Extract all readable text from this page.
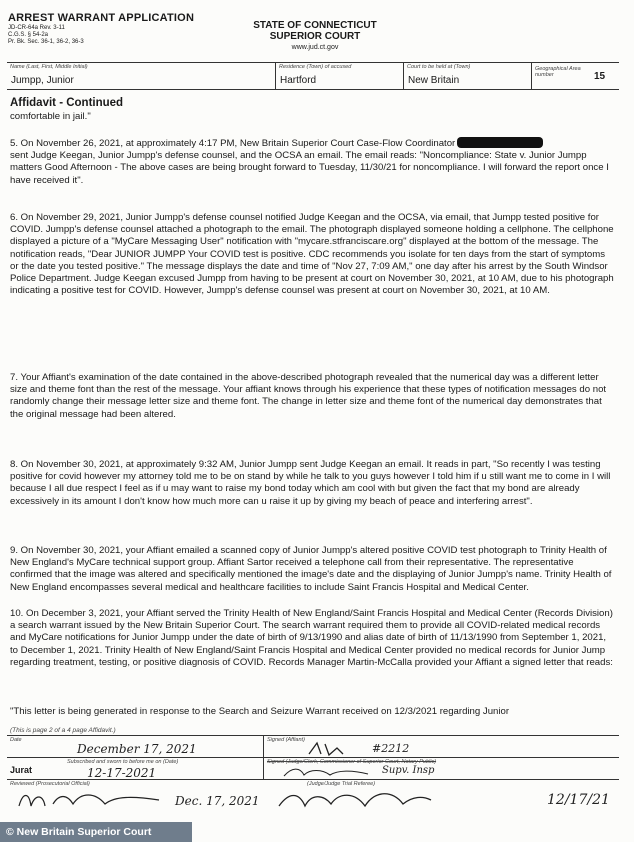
ARREST WARRANT APPLICATION
JD-CR-64a Rev. 3-11
C.G.S. § 54-2a
Pr. Bk. Sec. 36-1, 36-2, 36-3
STATE OF CONNECTICUT
SUPERIOR COURT
www.jud.ct.gov
Name (Last, First, Middle Initial)
Jumpp, Junior
Residence (Town) of accused
Hartford
Court to be held at (Town)
New Britain
Geographical Area number	15
Affidavit - Continued
comfortable in jail."

5. On November 26, 2021, at approximately 4:17 PM, New Britain Superior Court Case-Flow Coordinator

sent Judge Keegan, Junior Jumpp's defense counsel, and the OCSA an email. The email reads: "Noncompliance: State v. Junior Jumpp matters Good Afternoon - The above cases are being brought forward to Tuesday, 11/30/21 for noncompliance. I will forward the report once I have received it".

6. On November 29, 2021, Junior Jumpp's defense counsel notified Judge Keegan and the OCSA, via email, that Jumpp tested positive for COVID. Jumpp's defense counsel attached a photograph to the email. The photograph displayed someone holding a cellphone. The cellphone displayed a picture of a "MyCare Messaging User" notification with "mycare.stfranciscare.org" displayed at the bottom of the message. The notification reads, "Dear JUNIOR JUMPP Your COVID test is positive. CDC recommends you isolate for ten days from the start of symptoms or the date you tested positive." The message displays the date and time of "Nov 27, 7:09 AM," one day after his arrest by the South Windsor Police Department. Judge Keegan excused Jumpp from having to be present at court on November 30, 2021, at 10 AM, due to his photograph indicating a positive test for COVID. However, Jumpp's defense counsel was present at court on November 30, 2021, at 10 AM.
7. Your Affiant's examination of the date contained in the above-described photograph revealed that the numerical day was a different letter size and theme font than the rest of the message. Your affiant knows through his experience that these types of notification messages do not randomly change their message letter size and theme font. The change in letter size and theme font of the numerical day demonstrates that the original message had been altered.
8. On November 30, 2021, at approximately 9:32 AM, Junior Jumpp sent Judge Keegan an email. It reads in part, "So recently I was testing positive for covid however my attorney told me to be on stand by while he talk to you guys however I told him if u still want me to come in I will because I all due respect I feel as if u may want to raise my bond today which am cool with but given the fact that my bond are already excessively in its amount I don't know how much more can u raise it up by giving my beach of peace and interfering arrest".
9. On November 30, 2021, your Affiant emailed a scanned copy of Junior Jumpp's altered positive COVID test photograph to Trinity Health of New England's MyCare technical support group. Affiant Sartor received a telephone call from their representative. The representative confirmed that the image was altered and specifically mentioned the image's date and the displaying of Junior Jumpp's name. Trinity Health of New England encompasses several medical and healthcare facilities to include Saint Francis Hospital and Medical Center.
10. On December 3, 2021, your Affiant served the Trinity Health of New England/Saint Francis Hospital and Medical Center (Records Division) a search warrant issued by the New Britain Superior Court. The search warrant required them to provide all COVID-related medical records and MyCare notifications for Junior Jumpp under the date of birth of 9/13/1990 and alias date of birth of 11/13/1990 from September 1, 2021, to December 1, 2021. Trinity Health of New England/Saint Francis Hospital and Medical Center provided no medical records for Junior Jump regarding treatment, testing, or positive diagnosis of COVID. Records Manager Martin-McCalla provided your Affiant a signed letter that reads:
"This letter is being generated in response to the Search and Seizure Warrant received on 12/3/2021 regarding Junior
(This is page 2 of a 4 page Affidavit.)
Date
December 17, 2021
Signed (Affiant)
#2212
Jurat
Subscribed and sworn to before me on (Date)
12-17-2021
Signed (Judge/Clerk, Commissioner of Superior Court, Notary Public)
Supv. Insp
Reviewed (Prosecutorial Official)
Dec. 17, 2021
(Judge/Judge Trial Referee)
12/17/21
© New Britain Superior Court
